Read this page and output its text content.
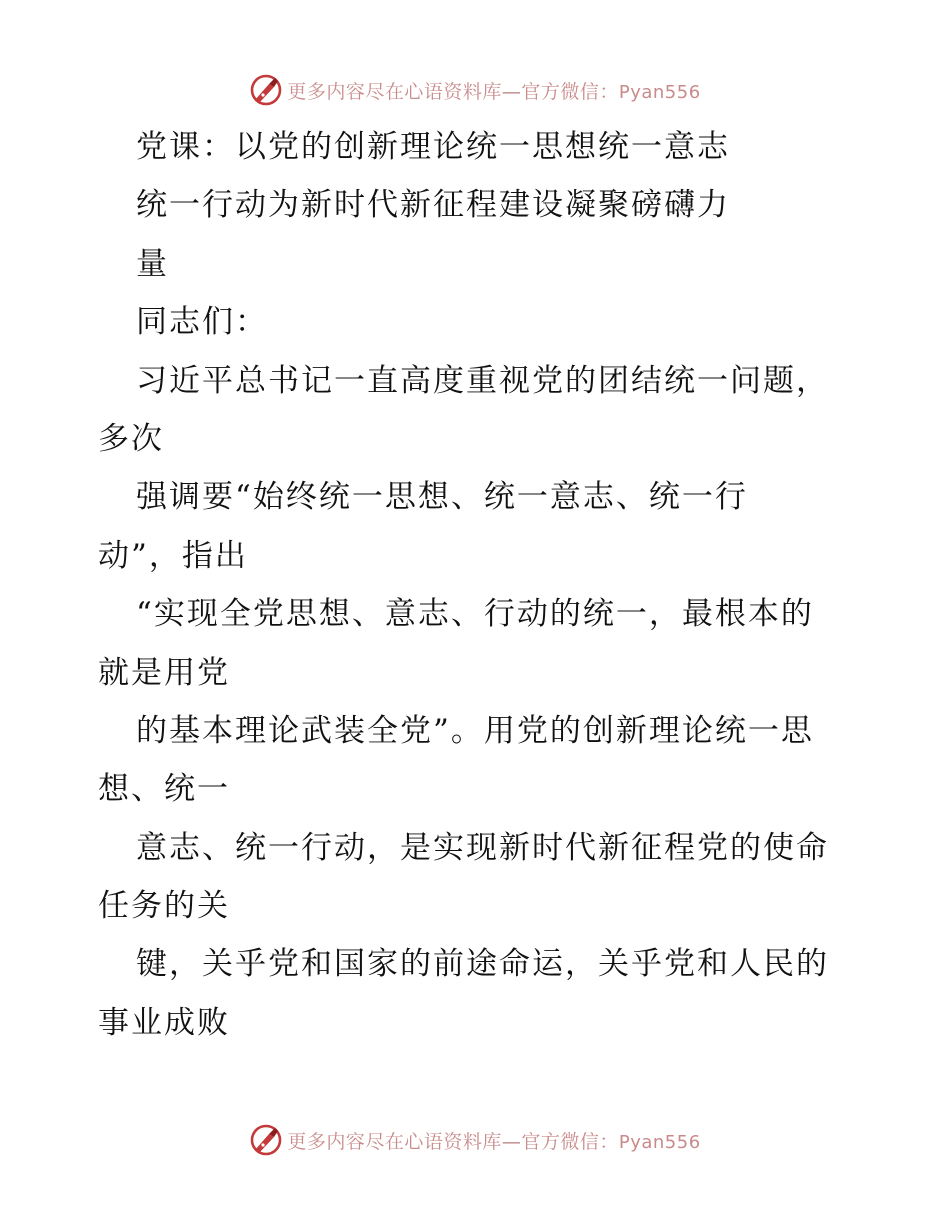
更多内容尽在心语资料库—官方微信：Pyan556
党课：以党的创新理论统一思想统一意志
统一行动为新时代新征程建设凝聚磅礴力
量
同志们：
习近平总书记一直高度重视党的团结统一问题，
多次
强调要“始终统一思想、统一意志、统一行
动”，指出
“实现全党思想、意志、行动的统一，最根本的
就是用党
的基本理论武装全党”。用党的创新理论统一思
想、统一
意志、统一行动，是实现新时代新征程党的使命
任务的关
键，关乎党和国家的前途命运，关乎党和人民的
事业成败
更多内容尽在心语资料库—官方微信：Pyan556
